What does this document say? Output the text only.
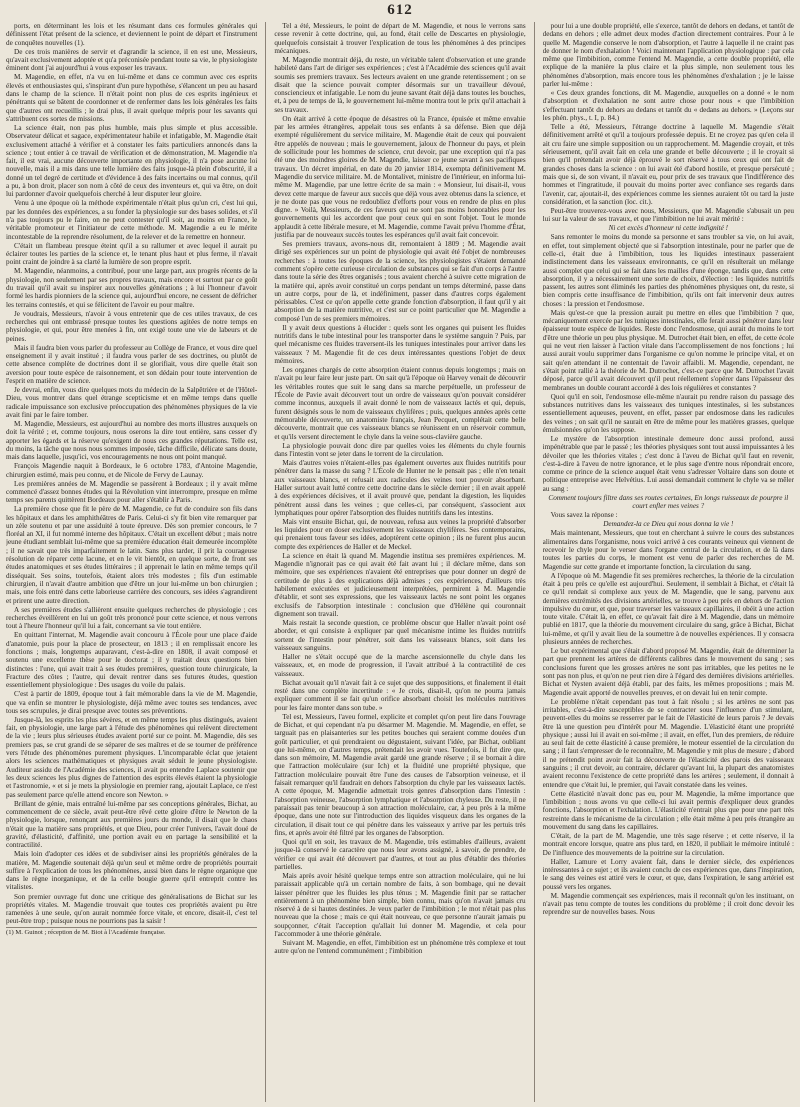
612

ports, en déterminant les lois et les résumant dans ces formules générales qui définissent l'état présent de la science, et deviennent le point de départ et l'instrument de conquêtes nouvelles (1).

De ces trois manières de servir et d'agrandir la science, il en est une, Messieurs, qu'avait exclusivement adoptée et qu'a préconisée pendant toute sa vie, le physiologiste éminent dont j'ai aujourd'hui à vous exposer les travaux.

M. Magendie, en effet, n'a vu en lui-même et dans ce commun avec ces esprits élevés et enthousiastes qui, s'inspirant d'un pure hypothèse, s'élancent un peu au hasard dans le champ de la science. Il n'était point non plus de ces esprits ingénieux et pénétrants qui se bâtent de coordonner et de renfermer dans les lois générales les faits que d'autres ont recueillis ; le drai plus, il avait quelque mépris pour les savants qui s'attribuent ces sortes de missions.

La science était, non pas plus humble, mais plus simple et plus accessible. Observateur délicat et sagace, expérimentateur habile et infatigable, M. Magendie était exclusivement attaché à vérifier et à constater les faits particuliers annoncés dans la science ; tout entier à ce travail de vérification et de démonstration, M. Magendie n'a fait, il est vrai, aucune découverte importante en physiologie, il n'a pose aucune loi nouvelle, mais il a mis dans une telle lumière des faits jusque-là plein d'obscurité, il a donné un tel degré de certitude et d'évidence à des faits incertains ou mal connus, qu'il a pu, à bon droit, placer son nom à côté de ceux des inventeurs et, qui va être, on doit lui pardonner d'avoir quelquefois cherché à leur disputer leur gloire.

Venu à une époque où la méthode expérimentale n'était plus qu'un cri, c'est lui qui, par les données des expériences, a su fonder la physiologie sur des bases solides, et s'il n'a pas toujours pu le faire, on ne peut contester qu'il soit, au moins en France, le véritable promoteur et l'initiateur de cette méthode. M. Magendie a eu le mérite incontestable de la reprendre résolument, de la relever et de la remettre en honneur.

C'était un flambeau presque éteint qu'il a su rallumer et avec lequel il aurait pu éclairer toutes les parties de la science et, le tenant plus haut et plus ferme, il n'avait point craint de joindre à sa clarté la lumière de son propre esprit.

M. Magendie, néanmoins, a contribué, pour une large part, aux progrès récents de la physiologie, non seulement par ses propres travaux, mais encore et surtout par ce goût du travail qu'il avait su inspirer aux nouvelles générations ; à lui l'honneur d'avoir formé les hardis pionniers de la science qui, aujourd'hui encore, ne cessent de défricher les terrains contestés, et qui se félicitent de l'avoir eu pour maître.

Je voudrais, Messieurs, n'avoir à vous entretenir que de ces utiles travaux, de ces recherches qui ont embrassé presque toutes les questions agitées de notre temps en physiologie, et qui, pour être menées à fin, ont exigé toute une vie de labeurs et de peines.

Mais il faudra bien vous parler du professeur au Collège de France, et vous dire quel enseignement il y avait institué ; il faudra vous parler de ses doctrines, ou plutôt de cette absence complète de doctrines dont il se glorifiait, vous dire quelle était son aversion pour toute espèce de raisonnement, et son dédain pour toute intervention de l'esprit en matière de science.

Je devrai, enfin, vous dire quelques mots du médecin de la Salpêtrière et de l'Hôtel-Dieu, vous montrer dans quel étrange scepticisme et en même temps dans quelle radicale impuissance son exclusive préoccupation des phénomènes physiques de la vie avait fini par le faire tomber.

M. Magendie, Messieurs, est aujourd'hui au nombre des morts illustres auxquels on doit la vérité ; et, comme toujours, nous oserons la dire tout entière, sans cesser d'y apporter les égards et la réserve qu'exigent de nous ces grandes réputations. Telle est, du moins, la tâche que nous nous sommes imposée, tâche difficile, délicate sans doute, mais dans laquelle, jusqu'ici, vos encouragements ne nous ont point manqué.

François Magendie naquit à Bordeaux, le 6 octobre 1783, d'Antoine Magendie, chirurgien estimé, mais peu connu, et de Nicole de Fervy de Launay.

Les premières années de M. Magendie se passèrent à Bordeaux ; il y avait même commencé d'assez bonnes études qui la Révolution vint interrompre, presque en même temps ses parents quittèrent Bordeaux pour aller s'établir à Paris.

La première chose que fit le père de M. Magendie, ce fut de conduire son fils dans les hôpitaux et dans les amphithéâtres de Paris. Celui-ci s'y fit bien vite remarquer par un zèle soutenu et par une assiduité à toute épreuve. Dès son premier concours, le 7 floréal an XI, il fut nommé interne des hôpitaux. C'était un excellent début ; mais notre jeune étudiant semblait lui-même que sa première éducation était demeurée incomplète ; il ne savait que très imparfaitement le latin. Sans plus tarder, il prit la courageuse résolution de réparer cette lacune, et en le vit bientôt, en quelque sorte, de front ses études anatomiques et ses études littéraires ; il apprenait le latin en même temps qu'il disséquait. Ses soins, toutefois, étaient alors très modestes ; fils d'un estimable chirurgien, il n'avait d'autre ambition que d'être un jour lui-même un bon chirurgien ; mais, une fois entré dans cette laborieuse carrière des concours, ses idées s'agrandirent et prirent une autre direction.

A ses premières études s'allièrent ensuite quelques recherches de physiologie ; ces recherches éveillèrent en lui un goût très prononcé pour cette science, et nous verrons tout à l'heure l'honneur qu'il lui a fait, concernant sa vie tout entière.

En quittant l'internat, M. Magendie avait concouru à l'École pour une place d'aide d'anatomie, puis pour la place de prosecteur, en 1813 ; il en remplissait encore les fonctions ; mais, longtemps auparavant, c'est-à-dire en 1808, il avait composé et soutenu une excellente thèse pour le doctorat ; il y traitait deux questions bien distinctes : l'une, qui avait trait à ses études premières, question toute chirurgicale, la Fracture des côtes ; l'autre, qui devait rentrer dans ses futures études, question essentiellement physiologique : Des usages du voile du palais.

C'est à partir de 1809, époque tout à fait mémorable dans la vie de M. Magendie, que va enfin se montrer le physiologiste, déjà même avec toutes ses tendances, avec tous ses scrupules, je dirai presque avec toutes ses préventions.

Jusque-là, les esprits les plus sévères, et en même temps les plus distingués, avaient fait, en physiologie, une large part à l'étude des phénomènes qui relèvent directement de la vie ; leurs plus sérieuses études avaient porté sur ce point. M. Magendie, dès ses premiers pas, se crut grandi de se séparer de ses maîtres et de se tourner de préférence vers l'étude des phénomènes purement physiques. L'incomparable éclat que jetaient alors les sciences mathématiques et physiques avait séduit le jeune physiologiste. Auditeur assidu de l'Académie des sciences, il avait pu entendre Laplace soutenir que les deux sciences les plus dignes de l'attention des esprits élevés étaient la physiologie et l'astronomie, « et si je mets la physiologie en premier rang, ajoutait Laplace, ce n'est pas seulement parce qu'elle attend encore son Newton. »

Brillant de génie, mais entraîné lui-même par ses conceptions générales, Bichat, au commencement de ce siècle, avait peut-être rêvé cette gloire d'être le Newton de la physiologie, lorsque, renonçant aux premières jours du monde, il disait que le chaos n'était que la matière sans propriétés, et que Dieu, pour créer l'univers, l'avait doué de gravité, d'élasticité, d'affinité, une portion avait eu en partage la sensibilité et la contractilité.

Mais loin d'adopter ces idées et de subdiviser ainsi les propriétés générales de la matière, M. Magendie soutenait déjà qu'un seul et même ordre de propriétés pourrait suffire à l'explication de tous les phénomènes, aussi bien dans le règne organique que dans le règne inorganique, et de la celle bougie guerre qu'il entreprit contre les vitalistes.

Son premier ouvrage fut donc une critique des généralisations de Bichat sur les propriétés vitales. M. Magendie trouvait que toutes ces propriétés avaient pu être ramenées à une seule, qu'on aurait nommée force vitale, et encore, disait-il, c'est tel peut-être trop ; puisque nous ne pourrions pas la saisir !

(1) M. Guinot ; réception de M. Biot à l'Académie française.

Tel a été, Messieurs, le point de départ de M. Magendie, et nous le verrons sans cesse revenir à cette doctrine, qui, au fond, était celle de Descartes en physiologie, quelquefois consistait à trouver l'explication de tous les phénomènes à des principes mécaniques.

M. Magendie montrait déjà, du reste, un véritable talent d'observation et une grande habileté dans l'art de diriger ses expériences ; c'est à l'Académie des sciences qu'il avait soumis ses premiers travaux. Ses lecteurs avaient en une grande retentissement ; on se disait que la science pouvait compter désormais sur un travailleur dévoué, consciencieux et infatigable. Le nom du jeune savant était déjà dans toutes les bouches, et, à peu de temps de là, le gouvernement lui-même montra tout le prix qu'il attachait à ses travaux.

On était arrivé à cette époque de désastres où la France, épuisée et même envahie par les armées étrangères, appelait tous ses enfants à sa défense. Bien que déjà exempté régulièrement du service militaire, M. Magendie était de ceux qui pouvaient être appelés de nouveau ; mais le gouvernement, jaloux de l'honneur du pays, et plein de sollicitude pour les hommes de science, crut devoir, par une exception qui n'a pas été une des moindres gloires de M. Magendie, laisser ce jeune savant à ses pacifiques travaux. Un décret impérial, en date du 20 janvier 1814, exempta définitivement M. Magendie du service militaire. M. de Montalivet, ministre de l'intérieur, en informa lui-même M. Magendie, par une lettre écrite de sa main : « Monsieur, lui disait-il, vous devez cette marque de faveur aux succès que déjà vous avez obtenus dans la science, et je ne doute pas que vous ne redoubliez d'efforts pour vous en rendre de plus en plus digne. » Voilà, Messieurs, de ces faveurs qui ne sont pas moins honorables pour les gouvernements qui les accordent que pour ceux qui en sont l'objet. Tout le monde applaudit à cette libérale mesure, et M. Magendie, comme l'avait prévu l'homme d'État, justifia par de nouveaux succès toutes les espérances qu'il avait fait concevoir.

Ses premiers travaux, avons-nous dit, remontaient à 1809 ; M. Magendie avait dirigé ses expériences sur un point de physiologie qui avait été l'objet de nombreuses recherches : à toutes les époques de la science, les physiologistes s'étaient demandé comment s'opère cette curieuse circulation de substances qui se fait d'un corps à l'autre dans toute la série des êtres organisés ; tous avaient cherché à suivre cette migration de la matière qui, après avoir constitué un corps pendant un temps déterminé, passe dans un autre corps, pour de là, et indéfiniment, passer dans d'autres corps également périssables. C'est ce qu'on appelle cette grande fonction d'absorption, il faut qu'il y ait absorption de la matière nutritive, et c'est sur ce point particulier que M. Magendie a composé l'un de ses premiers mémoires.

Il y avait deux questions à élucider : quels sont les organes qui puisent les fluides nutritifs dans le tube intestinal pour les transporter dans le système sanguin ? Puis, par quel mécanisme ces fluides traversent-ils les tuniques intestinales pour arriver dans les vaisseaux ? M. Magendie fit de ces deux intéressantes questions l'objet de deux mémoires.

Les organes chargés de cette absorption étaient connus depuis longtemps ; mais on n'avait pu leur faire leur juste part. On sait qu'à l'époque où Harvey venait de découvrir les véritables routes que suit le sang dans sa marche perpétuelle, un professeur de l'École de Pavie avait découvert tout un ordre de vaisseaux qu'on pouvait considérer comme inconnus, auxquels il avait donné le nom de vaisseaux lactés et qui, depuis, furent désignés sous le nom de vaisseaux chylifères ; puis, quelques années après cette mémorable découverte, un anatomiste français, Jean Pecquet, complétait cette belle découverte, montrait que ces vaisseaux blancs se réunissent en un réservoir commun, et qu'ils versent directement le chyle dans la veine sous-clavière gauche.

La physiologie pouvait donc dire par quelles voies les éléments du chyle fournis dans l'intestin vont se jeter dans le torrent de la circulation.

Mais d'autres voies n'étaient-elles pas également ouvertes aux fluides nutritifs pour pénétrer dans la masse du sang ? L'École de Hunter ne le pensait pas ; elle n'en tenait aux vaisseaux blancs, et refusait aux radicules des veines tout pouvoir absorbant. Haller surtout avait lutté contre cette doctrine dans le siècle dernier ; il en avait appelé à des expériences décisives, et il avait prouvé que, pendant la digestion, les liquides pénètrent aussi dans les veines ; que celles-ci, par conséquent, s'associent aux lymphatiques pour opérer l'absorption des fluides nutritifs dans les intestins.

Mais vint ensuite Bichat, qui, de nouveau, refusa aux veines la propriété d'absorber les liquides pour en doser exclusivement les vaisseaux chylifères. Ses contemporains, qui prenaient tous faveur ses idées, adoptèrent cette opinion ; ils ne furent plus aucun compte des expériences de Haller et de Meckel.

La science en était là quand M. Magendie institua ses premières expériences. M. Magendie n'ignorait pas ce qui avait été fait avant lui ; il déclare même, dans son mémoire, que ses expériences n'avaient été entreprises que pour donner un degré de certitude de plus à des explications déjà admises ; ces expériences, d'ailleurs très habilement exécutées et judicieusement interprétées, permirent à M. Magendie d'établir, et sont ses expressions, que les vaisseaux lactés ne sont point les organes exclusifs de l'absorption intestinale : conclusion que d'Hélène qui couronnait dignement son travail.

Mais restait la seconde question, ce problème obscur que Haller n'avait point osé aborder, et qui consiste à expliquer par quel mécanisme intime les fluides nutritifs sortent de l'intestin pour pénétrer, soit dans les vaisseaux blancs, soit dans les vaisseaux sanguins.

Haller ne s'était occupé que de la marche ascensionnelle du chyle dans les vaisseaux, et, en mode de progression, il l'avait attribué à la contractilité de ces vaisseaux.

Bichat avouait qu'il n'avait fait à ce sujet que des suppositions, et finalement il était resté dans une complète incertitude : « Je crois, disait-il, qu'on ne pourra jamais expliquer comment il se fait qu'un orifice absorbant choisit les molécules nutritives pour les faire monter dans son tube. »

Tel est, Messieurs, l'aveu formel, explicite et complet qu'on peut lire dans l'ouvrage de Bichat, et qui cependant n'a pu désarmer M. Magendie. M. Magendie, en effet, se targuait pas en plaisanteries sur les petites bouches qui seraient comme douées d'un goût particulier, et qui prendraient ou dégustaient, suivant l'idée, par Bichat, oubliant que lui-même, on d'autres temps, prétendait les avoir vues. Toutefois, il fut dire que, dans son mémoire, M. Magendie avait gardé une grande réserve ; il se bornait à dire que l'attraction moléculaire (sur Ich) et la fluidité une propriété physique, que l'attraction moléculaire pouvait être l'une des causes de l'absorption veineuse, et il faisait remarquer qu'il faudrait en dehors l'absorption du chyle par les vaisseaux lactés. A cette époque, M. Magendie admettait trois genres d'absorption dans l'intestin : l'absorption veineuse, l'absorption lymphatique et l'absorption chyleuse. Du reste, il ne paraissait pas tenir beaucoup à son attraction moléculaire, car, à peu près à la même époque, dans une note sur l'introduction des liquides visqueux dans les organes de la circulation, il disait tout ce qui pénètre dans les vaisseaux y arrive par les pertuis très fins, et après avoir été filtré par les organes de l'absorption.

Quoi qu'il en soit, les travaux de M. Magendie, très estimables d'ailleurs, avaient jusque-là conservé le caractère que nous leur avons assigné, à savoir, de prendre, de vérifier ce qui avait été découvert par d'autres, et tout au plus d'établir des théories partielles.

Mais après avoir hésité quelque temps entre son attraction moléculaire, qui ne lui paraissait applicable qu'à un certain nombre de faits, à son bombage, qui ne devait laisser pénétrer que les fluides les plus ténus ; M. Magendie finit par se rattacher entièrement à un phénomène bien simple, bien connu, mais qu'on n'avait jamais cru réservé à de si hautes destinées. Je veux parler de l'imbibition ; le mot n'était pas plus nouveau que la chose ; mais ce qui était nouveau, ce que personne n'aurait jamais pu soupçonner, c'était l'acception qu'allait lui donner M. Magendie, et cela pour l'accommoder à une théorie générale.

Suivant M. Magendie, en effet, l'imbibition est un phénomène très complexe et tout autre qu'on ne l'entend communément ; l'imbibition

pour lui a une double propriété, elle s'exerce, tantôt de dehors en dedans, et tantôt de dedans en dehors ; elle admet deux modes d'action directement contraires. Pour à le quelle M. Magendie conserve le nom d'absorption, et l'autre à laquelle il ne craint pas de donner le nom d'exhalation ! Voici maintenant l'application physiologique : par cela même que l'imbibition, comme l'entend M. Magendie, a cette double propriété, elle explique de la manière la plus claire et la plus simple, non seulement tous les phénomènes d'absorption, mais encore tous les phénomènes d'exhalation ; je le laisse parler lui-même :

« Ces deux grandes fonctions, dit M. Magendie, auxquelles on a donné « le nom d'absorption et d'exhalation ne sont autre chose pour nous « que l'imbibition s'effectuant tantôt du dehors au dedans et tantôt du « dedans au dehors. » (Leçons sur les phén. phys., t. I, p. 84.)

Telle a été, Messieurs, l'étrange doctrine à laquelle M. Magendie s'était définitivement arrêté et qu'il a toujours professée depuis. Et ne croyez pas qu'en cela il ait cru faire une simple supposition ou un rapprochement. M. Magendie croyait, et très sérieusement, qu'il avait fait en cela une grande et belle découverte ; il le croyait si bien qu'il prétendait avoir déjà éprouvé le sort réservé à tous ceux qui ont fait de grandes choses dans la science : on lui avait été d'abord hostile, et presque persécuté ; mais que si, de son vivant, il n'avait eu, pour prix de ses travaux que l'indifférence des hommes et l'ingratitude, il pouvait du moins porter avec confiance ses regards dans l'avenir, car, ajoutait-il, des expériences comme les siennes auraient tôt ou tard la juste considération, et la sanction (loc. cit.).

Peut-être trouverez-vous avec nous, Messieurs, que M. Magendie s'abusait un peu lui sur la valeur de ses travaux, et que l'imbibition ne lui avait mérité :

Ni cet excès d'honneur ni cette indignité !

Sans remonter le moins du monde sa personne et sans troubler sa vie, on lui avait, en effet, tout simplement objecté que si l'absorption intestinale, pour ne parler que de celle-ci, était due à l'imbibition, tous les liquides intestinaux passeraient indistinctement dans les vaisseaux environnants, ce qu'il en résulterait un mélange aussi complet que celui qui se fait dans les mailles d'une éponge, tandis que, dans cette absorption, il y a nécessairement une sorte de choix, d'élection : les liquides nutritifs passent, les autres sont éliminés les parties des phénomènes physiques ont, du reste, si bien compris cette insuffisance de l'imbibition, qu'ils ont fait intervenir deux autres choses : la pression et l'endosmose.

Mais qu'est-ce que la pression aurait pu mettre en elles que l'imbibition ? que, mécaniquement exercée par les tuniques intestinales, elle ferait aussi pénétrer dans leur épaisseur toute espèce de liquides. Reste donc l'endosmose, qui aurait du moins le tort d'être une théorie un peu plus physique. M. Dutrochet était bien, en effet, de cette école qui ne veut rien laisser à l'action vitale dans l'accomplissement de nos fonctions ; lui aussi aurait voulu supprimer dans l'organisme ce qu'on nomme le principe vital, et on sait qu'en attendant il ne contentait de l'avoir affaibli. M. Magendie, cependant, ne s'était point rallié à la théorie de M. Dutrochet, c'est-ce parce que M. Dutrochet l'avait déposé, parce qu'il avait découvert qu'il peut réellement s'opérer dans l'épaisseur des membranes un double courant accordé à des lois régulières et constantes ?

Quoi qu'il en soit, l'endosmose elle-même n'aurait pu rendre raison du passage des substances nutritives dans les vaisseaux des tuniques intestinales, si les substances essentiellement aqueuses, peuvent, en effet, passer par endosmose dans les radicules des veines ; on sait qu'il ne saurait en être de même pour les matières grasses, quelque émulsionnées qu'on les suppose.

Le mystère de l'absorption intestinale demeure donc aussi profond, aussi impénétrable que par le passé ; les théories physiques sont tout aussi impuissantes à les dévoiler que les théories vitales ; c'est donc à l'aveu de Bichat qu'il faut en revenir, c'est-à-dire à l'aveu de notre ignorance, et le plus sage d'entre nous répondrait encore, comme ce prince de la science auquel était venu s'adresser Voltaire dans son doute et politique entreprise avec Helvétius. Lui aussi demandait comment le chyle va se mêler au sang :

Comment toujours filtre dans ses routes certaines, En longs ruisseaux de pourpre il court enfler mes veines ?

Vous savez la réponse :

Demandez-la ce Dieu qui nous donna la vie !

Mais maintenant, Messieurs, que tout en cherchant à suivre le cours des substances alimentaires dans l'organisme, nous voici arrivé à ces courants veineux qui viennent de recevoir le chyle pour le verser dans l'organe central de la circulation, et de là dans toutes les parties du corps, le moment est venu de parler des recherches de M. Magendie sur cette grande et importante fonction, la circulation du sang.

A l'époque où M. Magendie fit ses premières recherches, la théorie de la circulation était à peu près ce qu'elle est aujourd'hui. Seulement, il semblait à Bichat, et c'était là ce qu'il rendait si complexe aux yeux de M. Magendie, que le sang, parvenu aux dernières extrémités des divisions artérielles, se trouve à peu près en dehors de l'action impulsive du cœur, et que, pour traverser les vaisseaux capillaires, il obéit à une action toute vitale. C'était là, en effet, ce qu'avait fait dire à M. Magendie, dans un mémoire publié en 1817, que la théorie du mouvement circulaire du sang, grâce à Bichat, Bichat lui-même, et qu'il y avait lieu de la soumettre à de nouvelles expériences. Il y consacra plusieurs années de recherches.

Le but expérimental que s'était d'abord proposé M. Magendie, était de déterminer la part que prennent les artères de différents calibres dans le mouvement du sang ; ses conclusions furent que les grosses artères ne sont pas irritables, que les petites ne le sont pas non plus, et qu'on ne peut rien dire à l'égard des dernières divisions artérielles. Bichat et Nysten avaient déjà établi, par des faits, les mêmes propositions ; mais M. Magendie avait apporté de nouvelles preuves, et on devait lui en tenir compte.

Le problème n'était cependant pas tout à fait résolu ; si les artères ne sont pas irritables, c'est-à-dire susceptibles de se contracter sous l'influence d'un stimulant, peuvent-elles du moins se resserrer par le fait de l'élasticité de leurs parois ? Je devais être là une question peu d'intérêt pour M. Magendie. L'élasticité étant une propriété physique ; aussi lui il avait en soi-même ; il avait, en effet, l'un des premiers, de réduire au seul fait de cette élasticité à cause première, le moteur essentiel de la circulation du sang ; il faut s'empresser de le reconnaître, M. Magendie y mit plus de mesure ; d'abord il ne prétendit point avoir fait la découverte de l'élasticité des parois des vaisseaux sanguins ; il crut devoir, au contraire, déclarer qu'avant lui, la plupart des anatomistes avaient reconnu l'existence de cette propriété dans les artères ; seulement, il donnait à entendre que c'était lui, le premier, qui l'avait constatée dans les veines.

Cette élasticité n'avait donc pas eu, pour M. Magendie, la même importance que l'imbibition ; nous avons vu que celle-ci lui avait permis d'expliquer deux grandes fonctions, l'absorption et l'exhalation. L'élasticité n'entrait plus que pour une part très restreinte dans le mécanisme de la circulation ; elle était même à peu près étrangère au mouvement du sang dans les capillaires.

C'était, de la part de M. Magendie, une très sage réserve ; et cette réserve, il la montrait encore lorsque, quatre ans plus tard, en 1820, il publiait le mémoire intitulé : De l'influence des mouvements de la poitrine sur la circulation.

Haller, Lamure et Lorry avaient fait, dans le dernier siècle, des expériences intéressantes à ce sujet ; et ils avaient conclu de ces expériences que, dans l'inspiration, le sang des veines est attiré vers le cœur, et que, dans l'expiration, le sang artériel est poussé vers les organes.

M. Magendie commençait ses expériences, mais il reconnaît qu'on les instituant, on n'avait pas tenu compte de toutes les conditions du problème ; il croit donc devoir les reprendre sur de nouvelles bases. Nous
